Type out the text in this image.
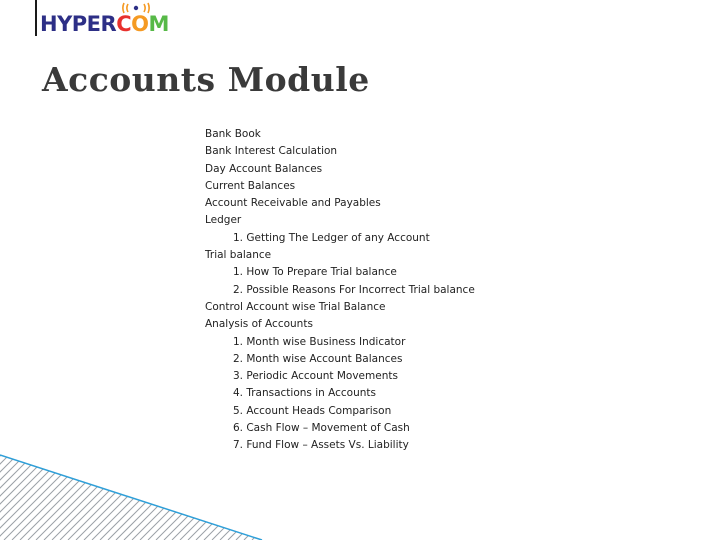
HYPERCOM
Accounts Module
Bank Book
Bank Interest Calculation
Day Account Balances
Current Balances
Account Receivable and Payables
Ledger
1. Getting The Ledger of any Account
Trial balance
1. How To Prepare Trial balance
2. Possible Reasons For Incorrect Trial balance
Control Account wise Trial Balance
Analysis of Accounts
1. Month wise Business Indicator
2. Month wise Account Balances
3. Periodic Account Movements
4. Transactions in Accounts
5. Account Heads Comparison
6. Cash Flow – Movement of Cash
7. Fund Flow – Assets Vs. Liability
